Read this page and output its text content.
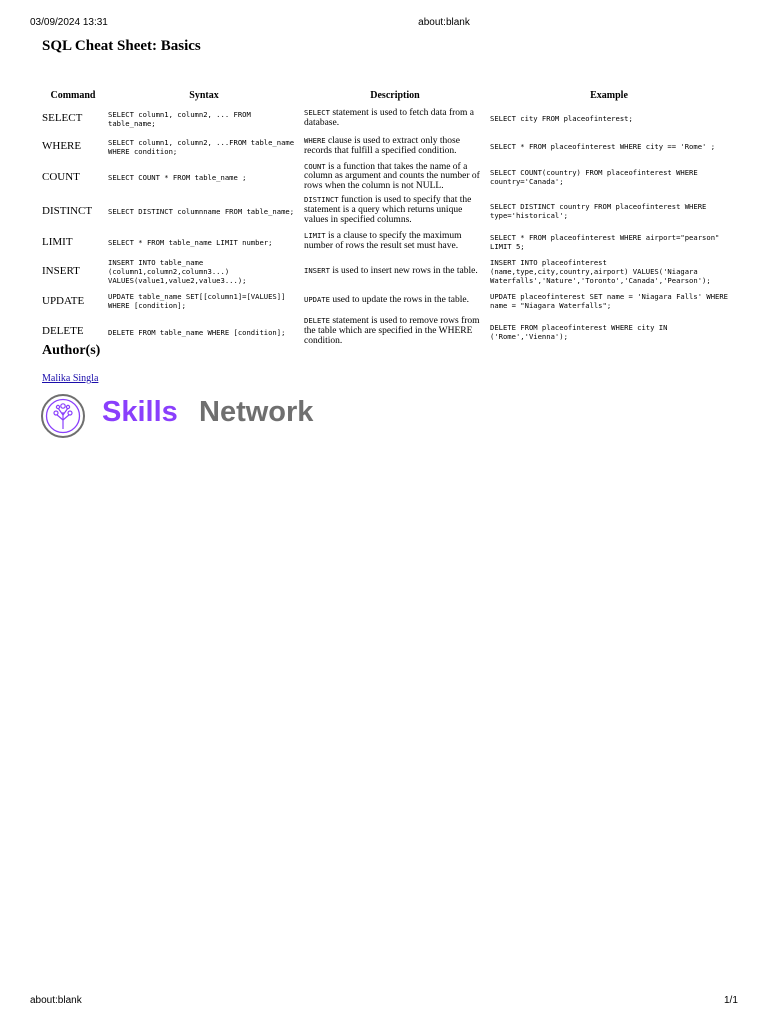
03/09/2024 13:31	about:blank
SQL Cheat Sheet: Basics
Command	Syntax	Description	Example
SELECT	SELECT column1, column2, ... FROM table_name;	SELECT statement is used to fetch data from a database.	SELECT city FROM placeofinterest;
WHERE	SELECT column1, column2, ...FROM table_name WHERE condition;	WHERE clause is used to extract only those records that fulfill a specified condition.	SELECT * FROM placeofinterest WHERE city == 'Rome' ;
COUNT	SELECT COUNT * FROM table_name ;	COUNT is a function that takes the name of a column as argument and counts the number of rows when the column is not NULL.	SELECT COUNT(country) FROM placeofinterest WHERE country='Canada';
DISTINCT	SELECT DISTINCT columnname FROM table_name;	DISTINCT function is used to specify that the statement is a query which returns unique values in specified columns.	SELECT DISTINCT country FROM placeofinterest WHERE type='historical';
LIMIT	SELECT * FROM table_name LIMIT number;	LIMIT is a clause to specify the maximum number of rows the result set must have.	SELECT * FROM placeofinterest WHERE airport="pearson" LIMIT 5;
INSERT	INSERT INTO table_name (column1,column2,column3...) VALUES(value1,value2,value3...);	INSERT is used to insert new rows in the table.	INSERT INTO placeofinterest (name,type,city,country,airport) VALUES('Niagara Waterfalls','Nature','Toronto','Canada','Pearson');
UPDATE	UPDATE table_name SET[[column1]=[VALUES]] WHERE [condition];	UPDATE used to update the rows in the table.	UPDATE placeofinterest SET name = 'Niagara Falls' WHERE name = "Niagara Waterfalls";
DELETE	DELETE FROM table_name WHERE [condition];	DELETE statement is used to remove rows from the table which are specified in the WHERE condition.	DELETE FROM placeofinterest WHERE city IN ('Rome','Vienna');
Author(s)
Malika Singla
Skills Network
about:blank	1/1
